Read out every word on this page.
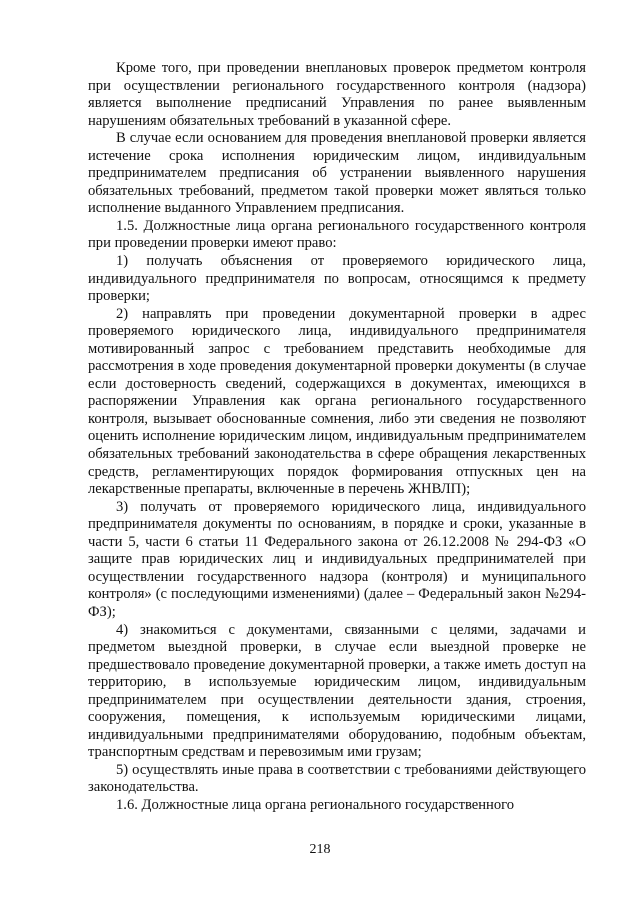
Кроме того, при проведении внеплановых проверок предметом контроля при осуществлении регионального государственного контроля (надзора) является выполнение предписаний Управления по ранее выявленным нарушениям обязательных требований в указанной сфере.

В случае если основанием для проведения внеплановой проверки является истечение срока исполнения юридическим лицом, индивидуальным предпринимателем предписания об устранении выявленного нарушения обязательных требований, предметом такой проверки может являться только исполнение выданного Управлением предписания.

1.5. Должностные лица органа регионального государственного контроля при проведении проверки имеют право:

1) получать объяснения от проверяемого юридического лица, индивидуального предпринимателя по вопросам, относящимся к предмету проверки;

2) направлять при проведении документарной проверки в адрес проверяемого юридического лица, индивидуального предпринимателя мотивированный запрос с требованием представить необходимые для рассмотрения в ходе проведения документарной проверки документы (в случае если достоверность сведений, содержащихся в документах, имеющихся в распоряжении Управления как органа регионального государственного контроля, вызывает обоснованные сомнения, либо эти сведения не позволяют оценить исполнение юридическим лицом, индивидуальным предпринимателем обязательных требований законодательства в сфере обращения лекарственных средств, регламентирующих порядок формирования отпускных цен на лекарственные препараты, включенные в перечень ЖНВЛП);

3) получать от проверяемого юридического лица, индивидуального предпринимателя документы по основаниям, в порядке и сроки, указанные в части 5, части 6 статьи 11 Федерального закона от 26.12.2008 № 294-ФЗ «О защите прав юридических лиц и индивидуальных предпринимателей при осуществлении государственного надзора (контроля) и муниципального контроля» (с последующими изменениями) (далее – Федеральный закон №294-ФЗ);

4) знакомиться с документами, связанными с целями, задачами и предметом выездной проверки, в случае если выездной проверке не предшествовало проведение документарной проверки, а также иметь доступ на территорию, в используемые юридическим лицом, индивидуальным предпринимателем при осуществлении деятельности здания, строения, сооружения, помещения, к используемым юридическими лицами, индивидуальными предпринимателями оборудованию, подобным объектам, транспортным средствам и перевозимым ими грузам;

5) осуществлять иные права в соответствии с требованиями действующего законодательства.

1.6. Должностные лица органа регионального государственного

218
